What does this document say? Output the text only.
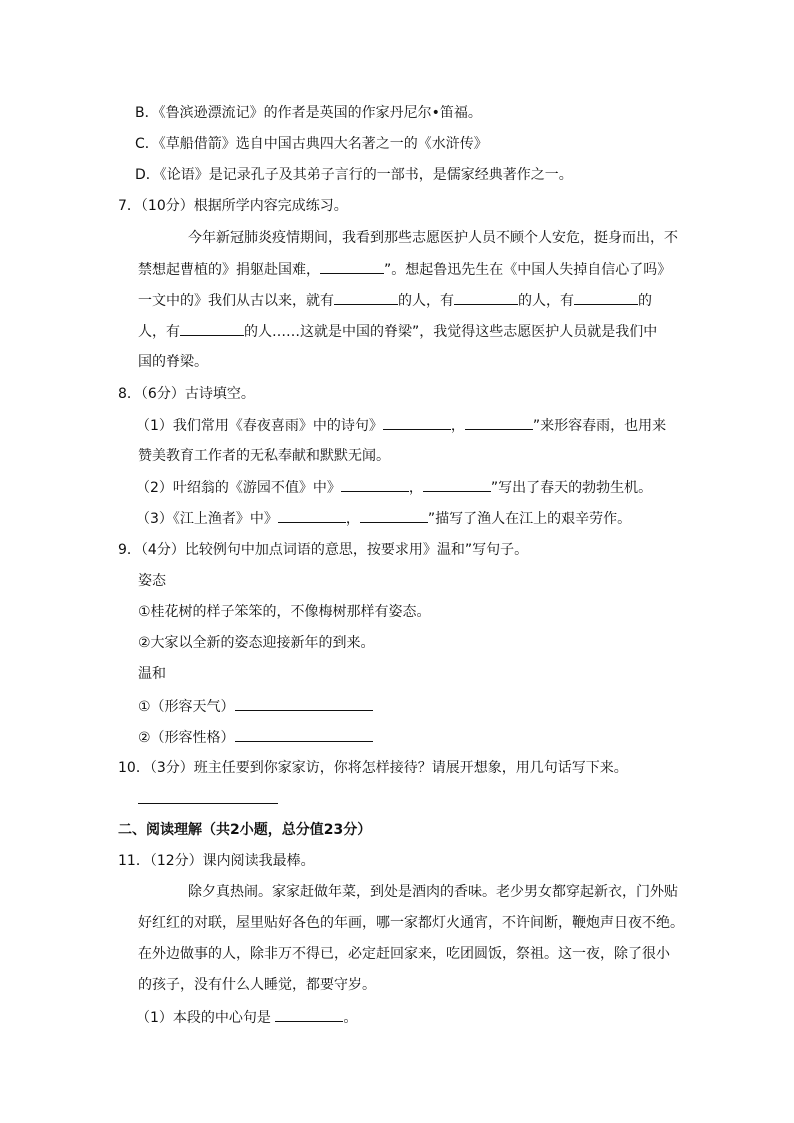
B．《鲁滨逊漂流记》的作者是英国的作家丹尼尔•笛福。
C．《草船借箭》选自中国古典四大名著之一的《水浒传》
D．《论语》是记录孔子及其弟子言行的一部书，是儒家经典著作之一。
7．（10分）根据所学内容完成练习。
今年新冠肺炎疫情期间，我看到那些志愿医护人员不顾个人安危，挺身而出，不
禁想起曹植的》捐躯赴国难，	”。想起鲁迅先生在《中国人失掉自信心了吗》
一文中的》我们从古以来，就有	的人，有	的人，有	的
人，有	的人……这就是中国的脊梁”，我觉得这些志愿医护人员就是我们中
国的脊梁。
8．（6分）古诗填空。
（1）我们常用《春夜喜雨》中的诗句》	，	”来形容春雨，也用来
赞美教育工作者的无私奉献和默默无闻。
（2）叶绍翁的《游园不值》中》	，	”写出了春天的勃勃生机。
（3）《江上渔者》中》	，	”描写了渔人在江上的艰辛劳作。
9．（4分）比较例句中加点词语的意思，按要求用》温和”写句子。
姿态
①桂花树的样子笨笨的，不像梅树那样有姿态。
②大家以全新的姿态迎接新年的到来。
温和
①（形容天气）
②（形容性格）
10．（3分）班主任要到你家家访，你将怎样接待？请展开想象，用几句话写下来。
二、阅读理解（共2小题，总分值23分）
11．（12分）课内阅读我最棒。
除夕真热闹。家家赶做年菜，到处是酒肉的香味。老少男女都穿起新衣，门外贴
好红红的对联，屋里贴好各色的年画，哪一家都灯火通宵，不许间断，鞭炮声日夜不绝。
在外边做事的人，除非万不得已，必定赶回家来，吃团圆饭，祭祖。这一夜，除了很小
的孩子，没有什么人睡觉，都要守岁。
（1）本段的中心句是	。
